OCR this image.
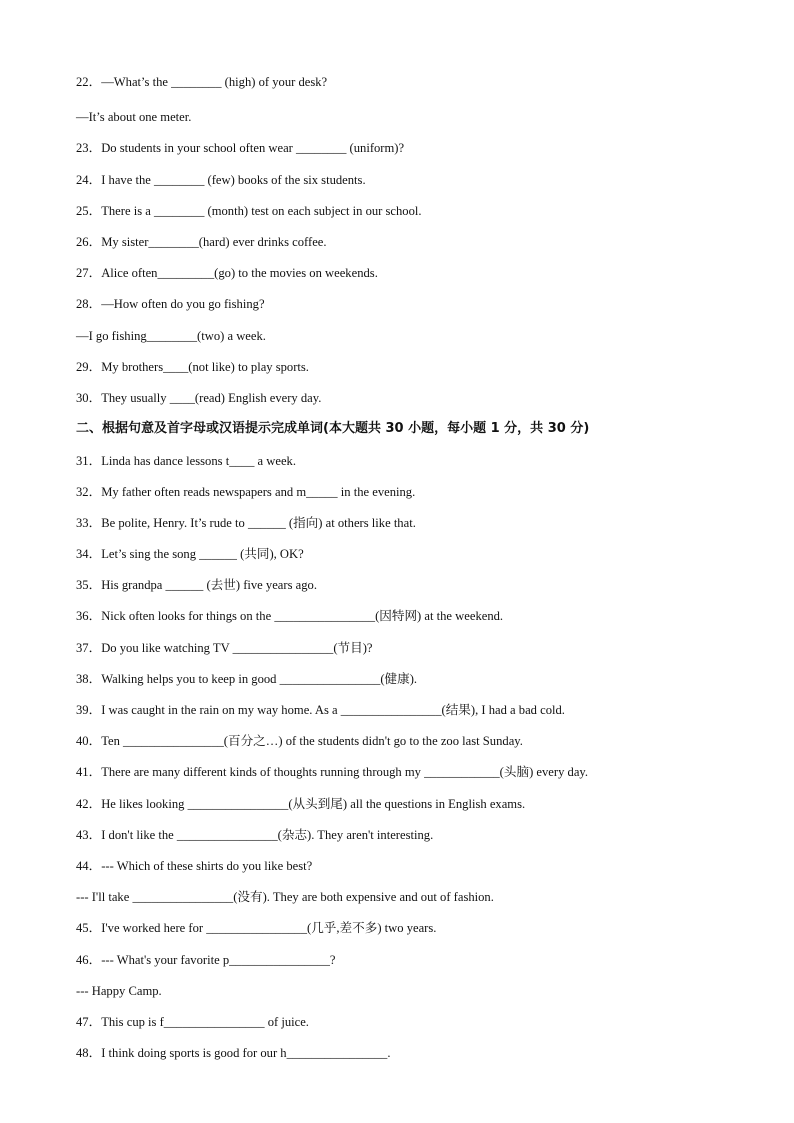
22．—What’s the ________ (high) of your desk?
—It’s about one meter.
23．Do students in your school often wear ________ (uniform)?
24．I have the ________ (few) books of the six students.
25．There is a ________ (month) test on each subject in our school.
26．My sister________(hard) ever drinks coffee.
27．Alice often_________(go) to the movies on weekends.
28．—How often do you go fishing?
—I go fishing________(two) a week.
29．My brothers____(not like) to play sports.
30．They usually ____(read) English every day.
二、根据句意及首字母或汉语提示完成单词(本大题共 30 小题，每小题 1 分，共 30 分)
31．Linda has dance lessons t____ a week.
32．My father often reads newspapers and m_____ in the evening.
33．Be polite, Henry. It’s rude to ______ (指向) at others like that.
34．Let’s sing the song ______ (共同), OK?
35．His grandpa ______ (去世) five years ago.
36．Nick often looks for things on the ________________(因特网) at the weekend.
37．Do you like watching TV ________________(节目)?
38．Walking helps you to keep in good ________________(健康).
39．I was caught in the rain on my way home. As a ________________(结果), I had a bad cold.
40．Ten ________________(百分之…) of the students didn't go to the zoo last Sunday.
41．There are many different kinds of thoughts running through my ____________(头脑) every day.
42．He likes looking ________________(从头到尾) all the questions in English exams.
43．I don't like the ________________(杂志). They aren't interesting.
44．--- Which of these shirts do you like best?
--- I'll take ________________(没有). They are both expensive and out of fashion.
45．I've worked here for ________________(几乎,差不多) two years.
46．--- What's your favorite p________________?
--- Happy Camp.
47．This cup is f________________ of juice.
48．I think doing sports is good for our h________________.
